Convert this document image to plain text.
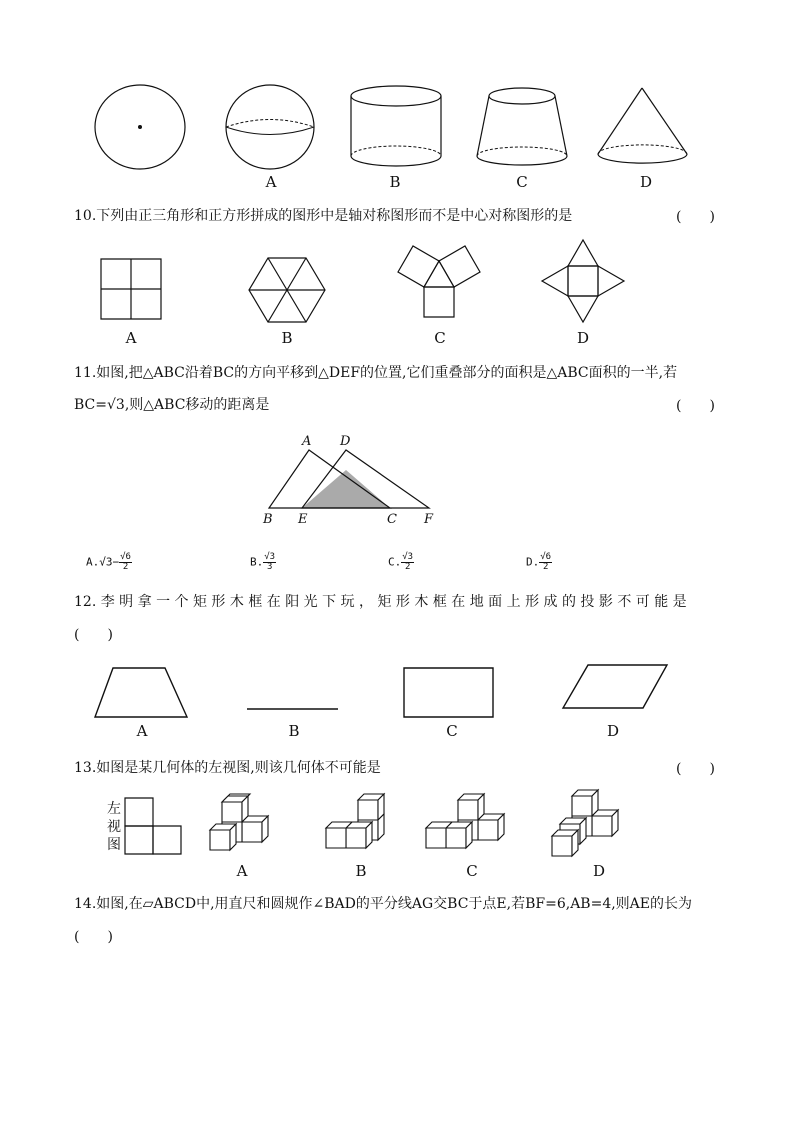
A	B	C	D
10.下列由正三角形和正方形拼成的图形中是轴对称图形而不是中心对称图形的是	(　　)
A	B	C	D
11.如图,把△ABC沿着BC的方向平移到△DEF的位置,它们重叠部分的面积是△ABC面积的一半,若
BC=√3,则△ABC移动的距离是	(　　)
A D
B E	C F
$A.√3- \frac{√6}{2}$	B. $\frac{√3}{3}$	C. $\frac{√3}{2}$	D. $\frac{√6}{2}$
12. 李 明 拿 一 个 矩 形 木 框 在 阳 光 下 玩 ， 矩 形 木 框 在 地 面 上 形 成 的 投 影 不 可 能 是
(　　)
A	B	C	D
13.如图是某几何体的左视图,则该几何体不可能是	(　　)
左
视
图
A	B	C	D
14.如图,在▱ABCD中,用直尺和圆规作∠BAD的平分线AG交BC于点E,若BF=6,AB=4,则AE的长为
(　　)
